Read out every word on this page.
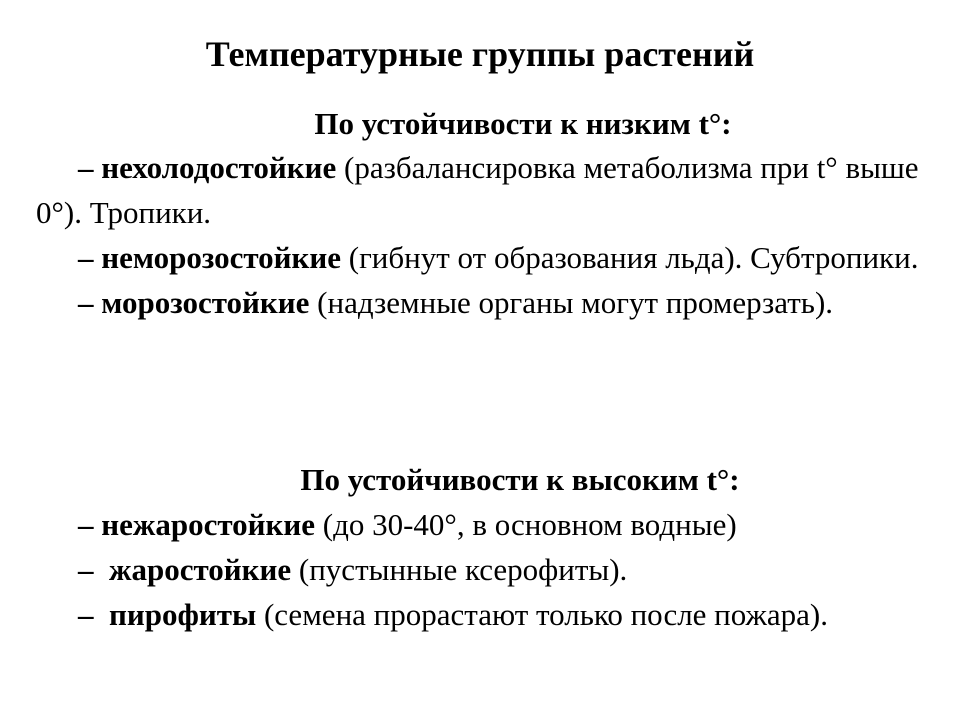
Температурные группы растений
По устойчивости к низким t°:

– нехолодостойкие (разбалансировка метаболизма при t° выше 0°). Тропики.

– неморозостойкие (гибнут от образования льда). Субтропики.

– морозостойкие (надземные органы могут промерзать).

По устойчивости к высоким t°:

– нежаростойкие (до 30-40°, в основном водные)

–  жаростойкие (пустынные ксерофиты).

–  пирофиты (семена прорастают только после пожара).
